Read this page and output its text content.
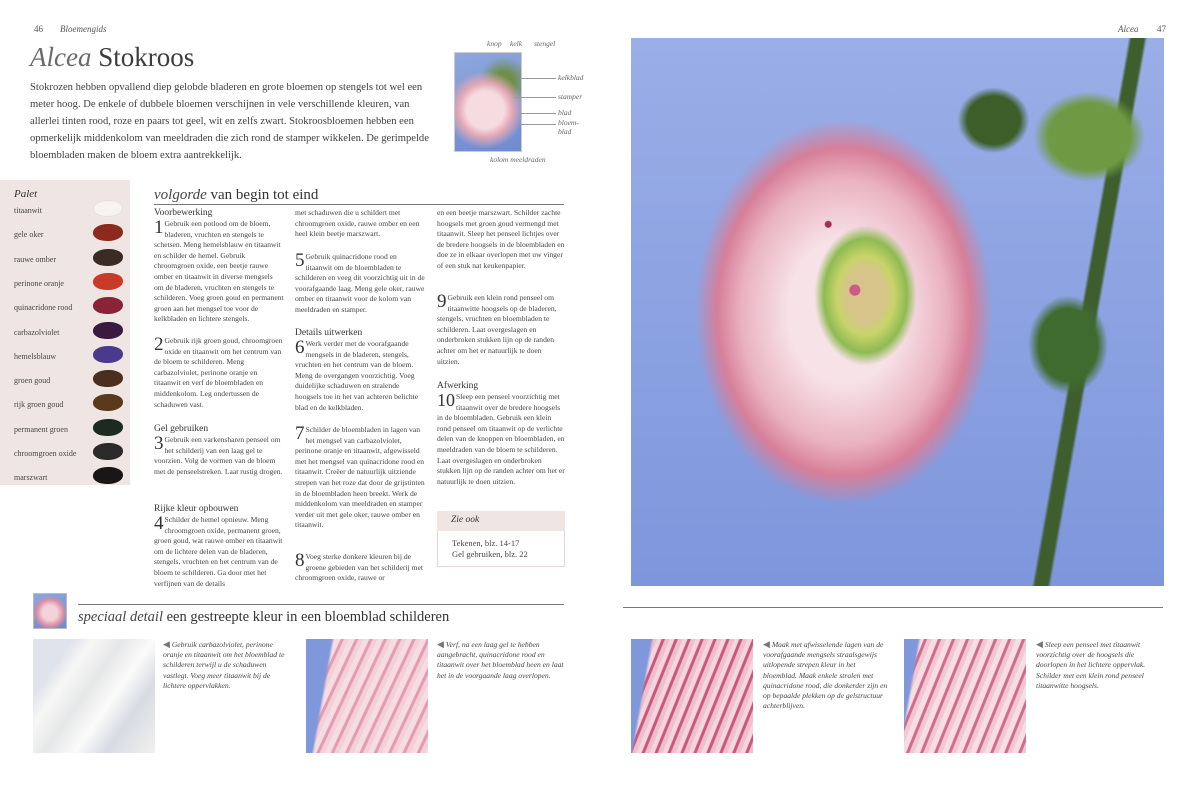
46 Bloemengids
Alcea Stokroos
Stokrozen hebben opvallend diep gelobde bladeren en grote bloemen op stengels tot wel een meter hoog. De enkele of dubbele bloemen verschijnen in vele verschillende kleuren, van allerlei tinten rood, roze en paars tot geel, wit en zelfs zwart. Stokroosbloemen hebben een opmerkelijk middenkolom van meeldraden die zich rond de stamper wikkelen. De gerimpelde bloembladen maken de bloem extra aantrekkelijk.
knop kelk stengel
kelkblad
stamper
blad
bloem-
blad
kolom meeldraden
Palet
titaanwit
gele oker
rauwe omber
perinone oranje
quinacridone rood
carbazolviolet
hemelsblauw
groen goud
rijk groen goud
permanent groen
chroomgroen oxide
marszwart
volgorde van begin tot eind
Voorbewerking
1 Gebruik een potlood om de bloem, bladeren, vruchten en stengels te schetsen. Meng hemelsblauw en titaanwit en schilder de hemel. Gebruik chroomgroen oxide, een beetje rauwe omber en titaanwit in diverse mengsels om de bladeren, vruchten en stengels te schilderen. Voeg groen goud en permanent groen aan het mengsel toe voor de kelkbladen en lichtere stengels.
2 Gebruik rijk groen goud, chroomgroen oxide en titaanwit om het centrum van de bloem te schilderen. Meng carbazolviolet, perinone oranje en titaanwit en verf de bloembladen en middenkolom. Leg ondertussen de schaduwen vast.
Gel gebruiken
3 Gebruik een varkensharen penseel om het schilderij van een laag gel te voorzien. Volg de vormen van de bloem met de penseelstreken. Laat rustig drogen.
Rijke kleur opbouwen
4 Schilder de hemel opnieuw. Meng chroomgroen oxide, permanent groen, groen goud, wat rauwe omber en titaanwit om de lichtere delen van de bladeren, stengels, vruchten en het centrum van de bloem te schilderen. Ga door met het verfijnen van de details
met schaduwen die u schildert met chroomgroen oxide, rauwe omber en een heel klein beetje marszwart.
5 Gebruik quinacridone rood en titaanwit om de bloembladen te schilderen en veeg dit voorzichtig uit in de voorafgaande laag. Meng gele oker, rauwe omber en titaanwit voor de kolom van meeldraden en stamper.
Details uitwerken
6 Werk verder met de voorafgaande mengsels in de bladeren, stengels, vruchten en het centrum van de bloem. Meng de overgangen voorzichtig. Voeg duidelijke schaduwen en stralende hoogsels toe in het van achteren belichte blad en de kelkbladen.
7 Schilder de bloembladen in lagen van het mengsel van carbazolviolet, perinone oranje en titaanwit, afgewisseld met het mengsel van quinacridone rood en titaanwit. Creëer de natuurlijk uitziende strepen van het roze dat door de grijstinten in de bloembladen heen breekt. Werk de middenkolom van meeldraden en stamper verder uit met gele oker, rauwe omber en titaanwit.
8 Voeg sterke donkere kleuren bij de groene gebieden van het schilderij met chroomgroen oxide, rauwe or
en een beetje marszwart. Schilder zachte hoogsels met groen goud vermengd met titaanwit. Sleep het penseel lichtjes over de bredere hoogsels in de bloembladen en doe ze in elkaar overlopen met uw vinger of een stuk nat keukenpapier.
9 Gebruik een klein rond penseel om titaanwitte hoogsels op de bladeren, stengels, vruchten en bloembladen te schilderen. Laat overgeslagen en onderbroken stukken lijn op de randen achter om het er natuurlijk te doen uitzien.
Afwerking
10 Sleep een penseel voorzichtig met titaanwit over de bredere hoogsels in de bloembladen. Gebruik een klein rond penseel om titaanwit op de verlichte delen van de knoppen en bloembladen, en meeldraden van de bloem te schilderen. Laat overgeslagen en onderbroken stukken lijn op de randen achter om het er natuurlijk te doen uitzien.
Zie ook
Tekenen, blz. 14-17
Gel gebruiken, blz. 22
Alcea 47
speciaal detail een gestreepte kleur in een bloemblad schilderen
◀ Gebruik carbazolviolet, perinone oranje en titaanwit om het bloemblad te schilderen terwijl u de schaduwen vastlegt. Voeg meer titaanwit bij de lichtere oppervlakken.
◀ Verf, na een laag gel te hebben aangebracht, quinacridone rood en titaanwit over het bloemblad heen en laat het in de voorgaande laag overlopen.
◀ Maak met afwisselende lagen van de voorafgaande mengsels straalsgewijs uitlopende strepen kleur in het bloemblad. Maak enkele stralen met quinacridone rood, die donkerder zijn en op bepaalde plekken op de gelstructuur achterblijven.
◀ Sleep een penseel met titaanwit voorzichtig over de hoogsels die doorlopen in het lichtere oppervlak. Schilder met een klein rond penseel titaanwitte hoogsels.
